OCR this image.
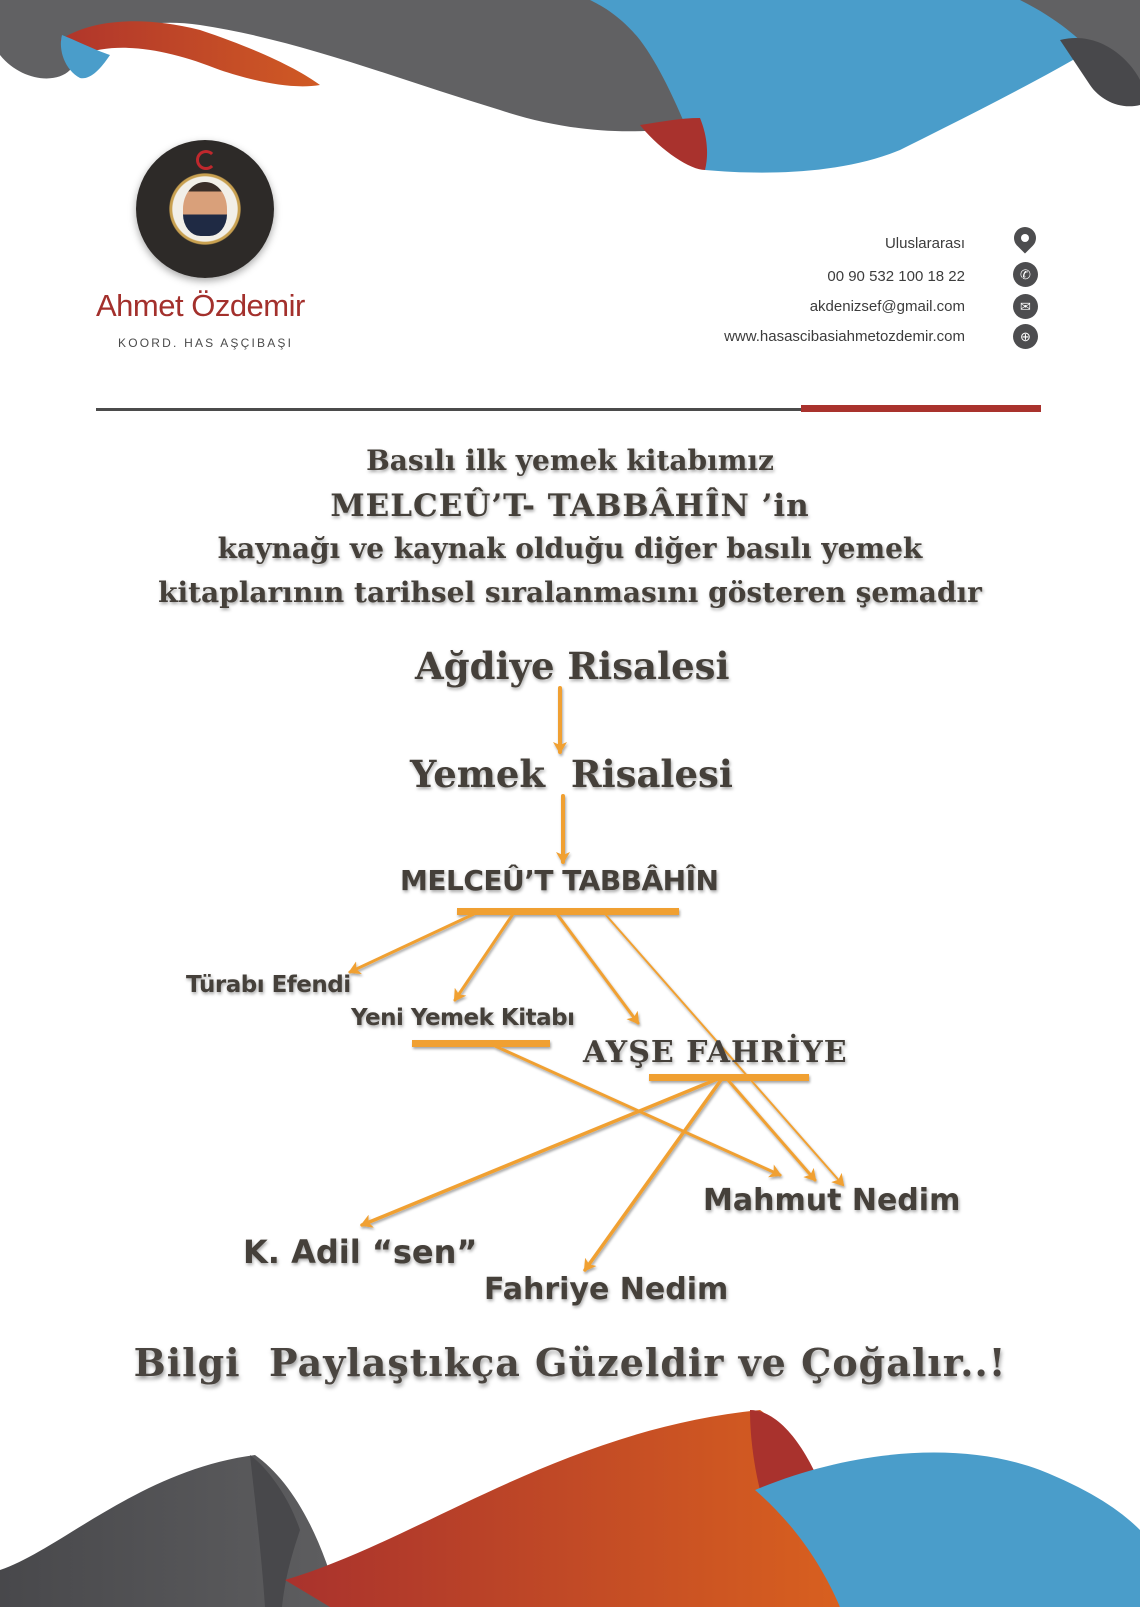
Ahmet Özdemir
KOORD. HAS AŞÇIBAŞI
Uluslararası
00 90 532 100 18 22	✆
akdenizsef@gmail.com	✉
www.hasascibasiahmetozdemir.com	⊕
Basılı ilk yemek kitabımız
MELCEÛ’T- TABBÂHÎN ’in
kaynağı ve kaynak olduğu diğer basılı yemek
kitaplarının tarihsel sıralanmasını gösteren şemadır
Ağdiye Risalesi
Yemek  Risalesi
MELCEÛ’T TABBÂHÎN
Türabı Efendi
Yeni Yemek Kitabı
AYŞE FAHRİYE
Mahmut Nedim
K. Adil “sen”
Fahriye Nedim
Bilgi  Paylaştıkça Güzeldir ve Çoğalır..!
